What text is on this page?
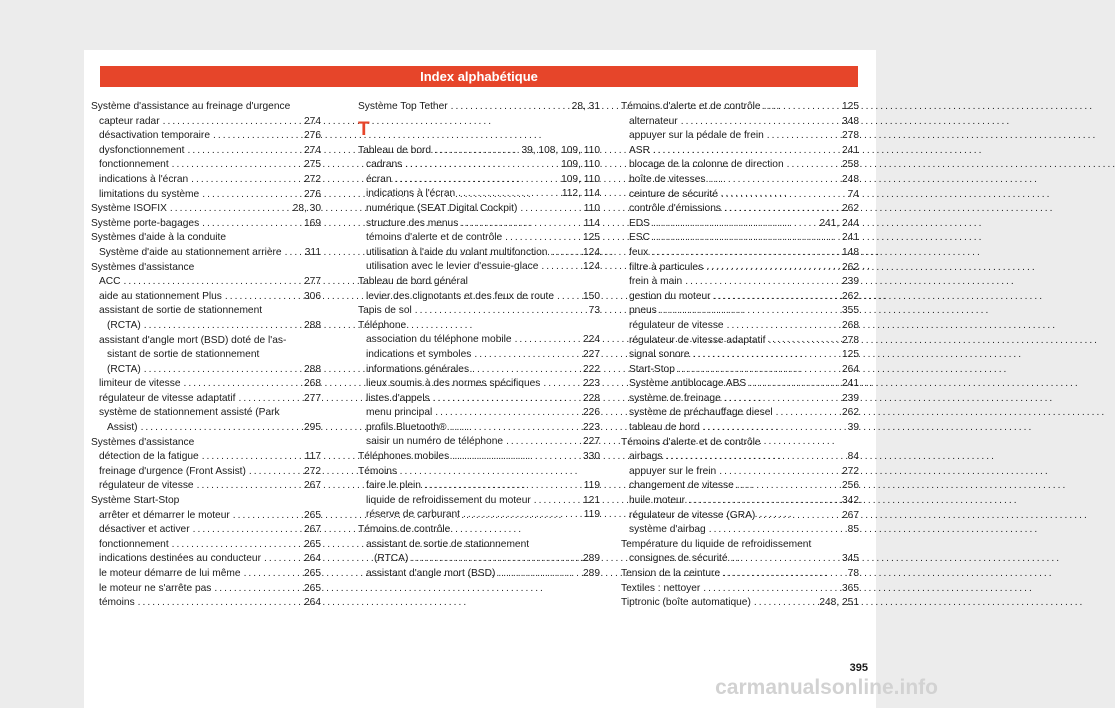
Index alphabétique
Système d'assistance au freinage d'urgence
capteur radar . . .	274
désactivation temporaire . . .	276
dysfonctionnement . . .	274
fonctionnement . . .	275
indications à l'écran . . .	272
limitations du système . . .	276
Système ISOFIX . . .	28, 30
Système porte-bagages . . .	169
Systèmes d'aide à la conduite
Système d'aide au stationnement arrière . . . 311
Systèmes d'assistance
ACC . . .	277
aide au stationnement Plus . . .	306
assistant de sortie de stationnement
(RCTA) . . .	288
assistant d'angle mort (BSD) doté de l'as-
sistant de sortie de stationnement
(RCTA) . . .	288
limiteur de vitesse . . .	268
régulateur de vitesse adaptatif . . .	277
système de stationnement assisté (Park
Assist) . . .	295
Systèmes d'assistance
détection de la fatigue . . .	117
freinage d'urgence (Front Assist) . . .	272
régulateur de vitesse . . .	267
Système Start-Stop
arrêter et démarrer le moteur . . .	265
désactiver et activer . . .	267
fonctionnement . . .	265
indications destinées au conducteur . . .	264
le moteur démarre de lui même . . .	265
le moteur ne s'arrête pas . . .	265
témoins . . .	264
Système Top Tether . . .	28, 31
T
Tableau de bord . . .	39, 108, 109, 110
cadrans . . .	109, 110
écran . . .	109, 110
indications à l'écran . . .	112, 114
numérique (SEAT Digital Cockpit) . . .	110
structure des menus . . .	114
témoins d'alerte et de contrôle . . .	125
utilisation à l'aide du volant multifonction . . .	124
utilisation avec le levier d'essuie-glace . . .	124
Tableau de bord général
levier des clignotants et des feux de route . . .	150
Tapis de sol . . .	73
Téléphone
association du téléphone mobile . . .	224
indications et symboles . . .	227
informations générales . . .	222
lieux soumis à des normes spécifiques . . .	223
listes d'appels . . .	228
menu principal . . .	226
profils Bluetooth® . . .	223
saisir un numéro de téléphone . . .	227
Téléphones mobiles . . .	330
Témoins
faire le plein . . .	119
liquide de refroidissement du moteur . . .	121
réserve de carburant . . .	119
Témoins de contrôle
assistant de sortie de stationnement
(RTCA) . . .	289
assistant d'angle mort (BSD) . . .	289
Témoins d'alerte et de contrôle . . .	125
alternateur . . .	348
appuyer sur la pédale de frein . . .	278
ASR . . .	241
blocage de la colonne de direction . . .	258
boîte de vitesses . . .	248
ceinture de sécurité . . .	74
contrôle d'émissions . . .	262
EDS . . .	241, 244
ESC . . .	241
feux . . .	148
filtre à particules . . .	262
frein à main . . .	239
gestion du moteur . . .	262
pneus . . .	355
régulateur de vitesse . . .	268
régulateur de vitesse adaptatif . . .	278
signal sonore . . .	125
Start-Stop . . .	264
Système antiblocage ABS . . .	241
système de freinage . . .	239
système de préchauffage diesel . . .	262
tableau de bord . . .	39
Témoins d'alerte et de contrôle
airbags . . .	84
appuyer sur le frein . . .	272
changement de vitesse . . .	256
huile moteur . . .	342
régulateur de vitesse (GRA) . . .	267
système d'airbag . . .	85
Température du liquide de refroidissement
consignes de sécurité . . .	345
Tension de la ceinture . . .	78
Textiles : nettoyer . . .	365
Tiptronic (boîte automatique) . . .	248, 251
395
carmanualsonline.info
